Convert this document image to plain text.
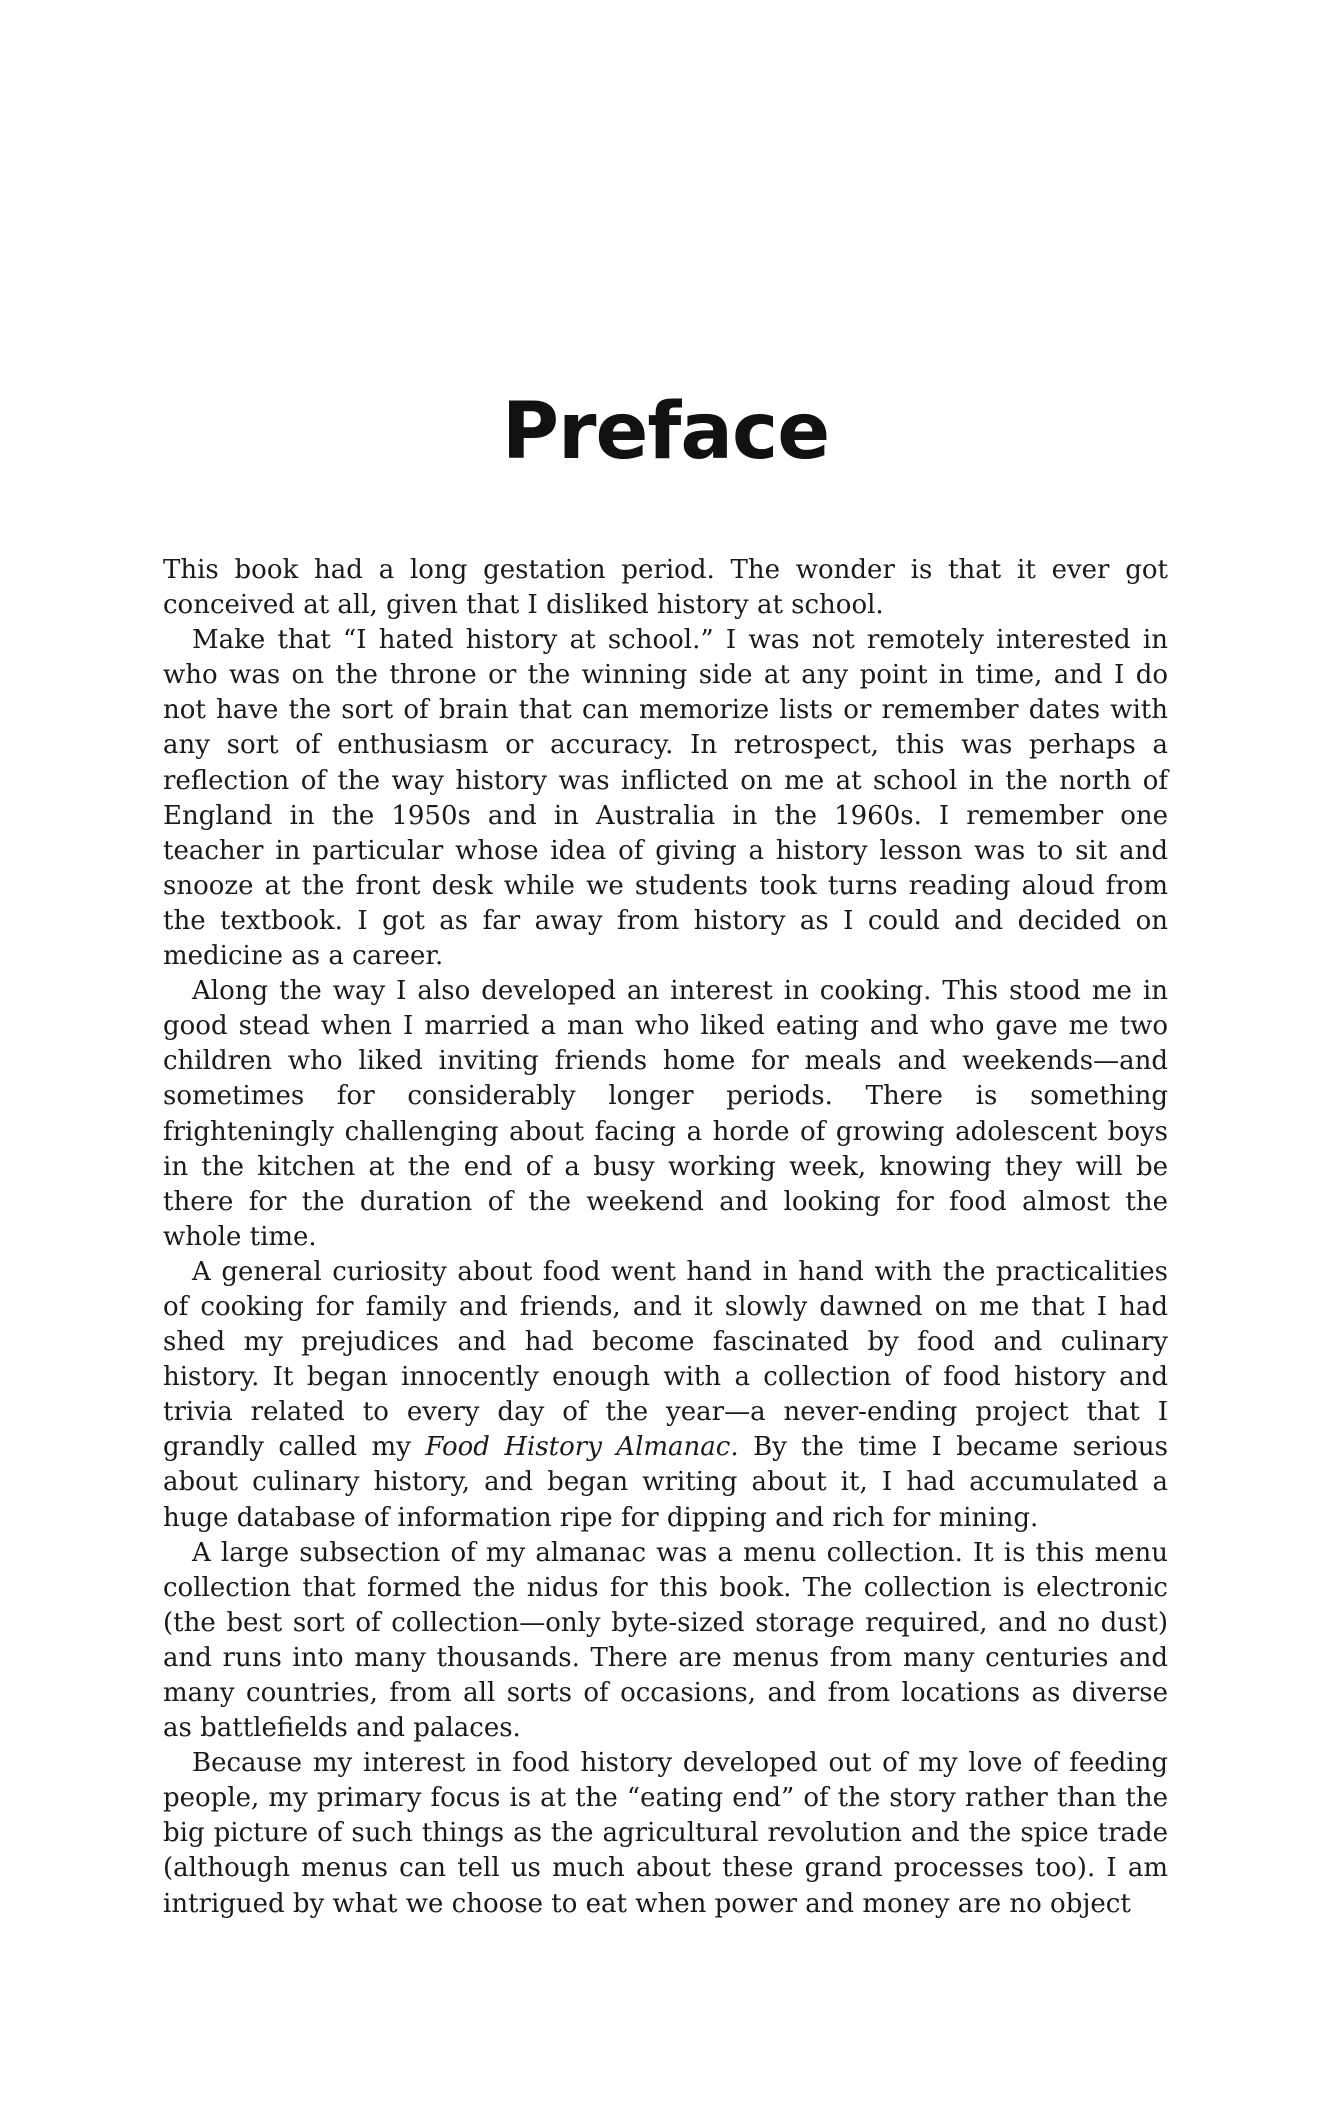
Preface

This book had a long gestation period. The wonder is that it ever got conceived at all, given that I disliked history at school.

Make that “I hated history at school.” I was not remotely interested in who was on the throne or the winning side at any point in time, and I do not have the sort of brain that can memorize lists or remember dates with any sort of enthusiasm or accuracy. In retrospect, this was perhaps a reflection of the way history was inflicted on me at school in the north of England in the 1950s and in Australia in the 1960s. I remember one teacher in particular whose idea of giving a history lesson was to sit and snooze at the front desk while we students took turns reading aloud from the textbook. I got as far away from history as I could and decided on medicine as a career.

Along the way I also developed an interest in cooking. This stood me in good stead when I married a man who liked eating and who gave me two children who liked inviting friends home for meals and weekends—and sometimes for considerably longer periods. There is something frighteningly challenging about facing a horde of growing adolescent boys in the kitchen at the end of a busy working week, knowing they will be there for the duration of the weekend and looking for food almost the whole time.

A general curiosity about food went hand in hand with the practicalities of cooking for family and friends, and it slowly dawned on me that I had shed my prejudices and had become fascinated by food and culinary history. It began innocently enough with a collection of food history and trivia related to every day of the year—a never-ending project that I grandly called my Food History Almanac. By the time I became serious about culinary history, and began writing about it, I had accumulated a huge database of information ripe for dipping and rich for mining.

A large subsection of my almanac was a menu collection. It is this menu collection that formed the nidus for this book. The collection is electronic (the best sort of collection—only byte-sized storage required, and no dust) and runs into many thousands. There are menus from many centuries and many countries, from all sorts of occasions, and from locations as diverse as battlefields and palaces.

Because my interest in food history developed out of my love of feeding people, my primary focus is at the “eating end” of the story rather than the big picture of such things as the agricultural revolution and the spice trade (although menus can tell us much about these grand processes too). I am intrigued by what we choose to eat when power and money are no object
